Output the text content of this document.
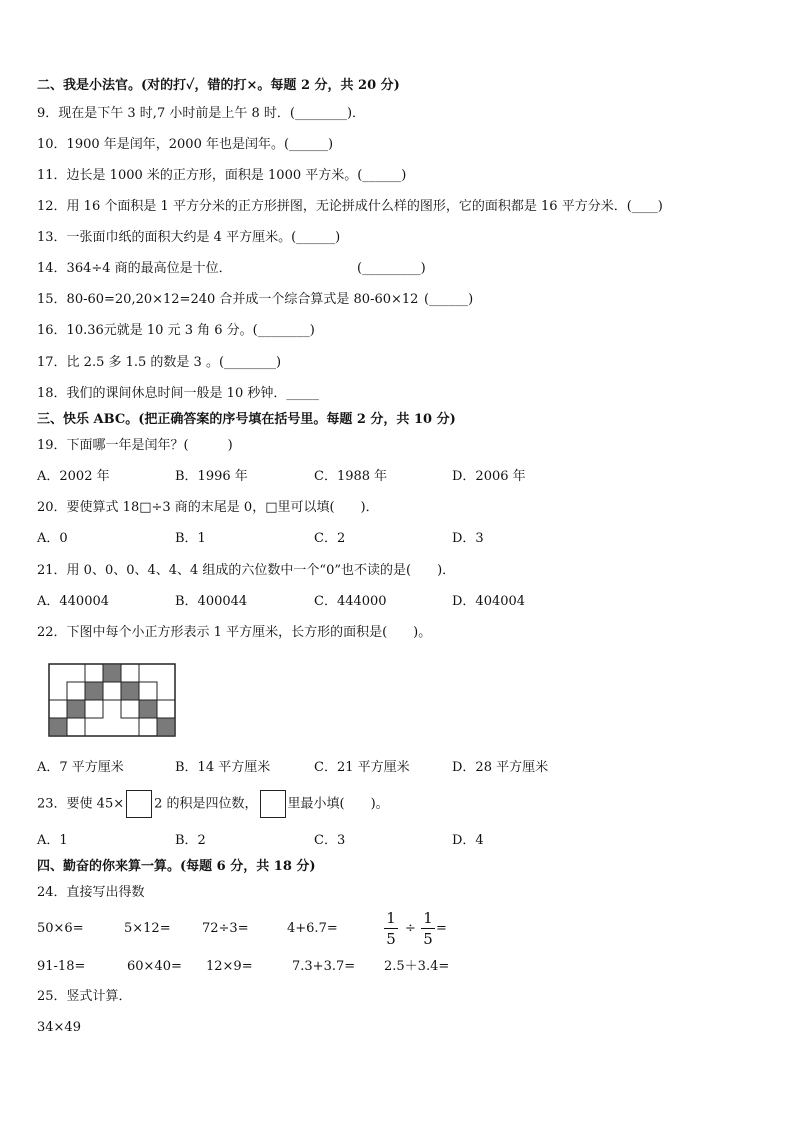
二、我是小法官。(对的打✓，错的打×。每题 2 分，共 20 分)
9．现在是下午 3 时,7 小时前是上午 8 时．(________)．
10．1900 年是闰年，2000 年也是闰年。(______)
11．边长是 1000 米的正方形，面积是 1000 平方米。(______)
12．用 16 个面积是 1 平方分米的正方形拼图，无论拼成什么样的图形，它的面积都是 16 平方分米．(____)
13．一张面巾纸的面积大约是 4 平方厘米。(______)
14．364÷4 商的最高位是十位．	(_________)
15．80-60=20,20×12=240 合并成一个综合算式是 80-60×12 (______)
16．10.36元就是 10 元 3 角 6 分。(________)
17．比 2.5 多 1.5 的数是 3 。(________)
18．我们的课间休息时间一般是 10 秒钟．_____
三、快乐 ABC。(把正确答案的序号填在括号里。每题 2 分，共 10 分)
19．下面哪一年是闰年？(　　　)
A．2002 年	B．1996 年	C．1988 年	D．2006 年
20．要使算式 18□÷3 商的末尾是 0，□里可以填(　　)．
A．0	B．1	C．2	D．3
21．用 0、0、0、4、4、4 组成的六位数中一个“0”也不读的是(　　)．
A．440004	B．400044	C．444000	D．404004
22．下图中每个小正方形表示 1 平方厘米，长方形的面积是(　　)。
A．7 平方厘米	B．14 平方厘米	C．21 平方厘米	D．28 平方厘米
23．要使 45× 2 的积是四位数， 里最小填(　　)。
A．1	B．2	C．3	D．4
四、勤奋的你来算一算。(每题 6 分，共 18 分)
24．直接写出得数
50×6=	5×12= 72÷3=	4+6.7=
1
5
÷
1
5
=
91-18=	60×40= 12×9=	7.3+3.7= 2.5＋3.4=
25．竖式计算．
34×49
